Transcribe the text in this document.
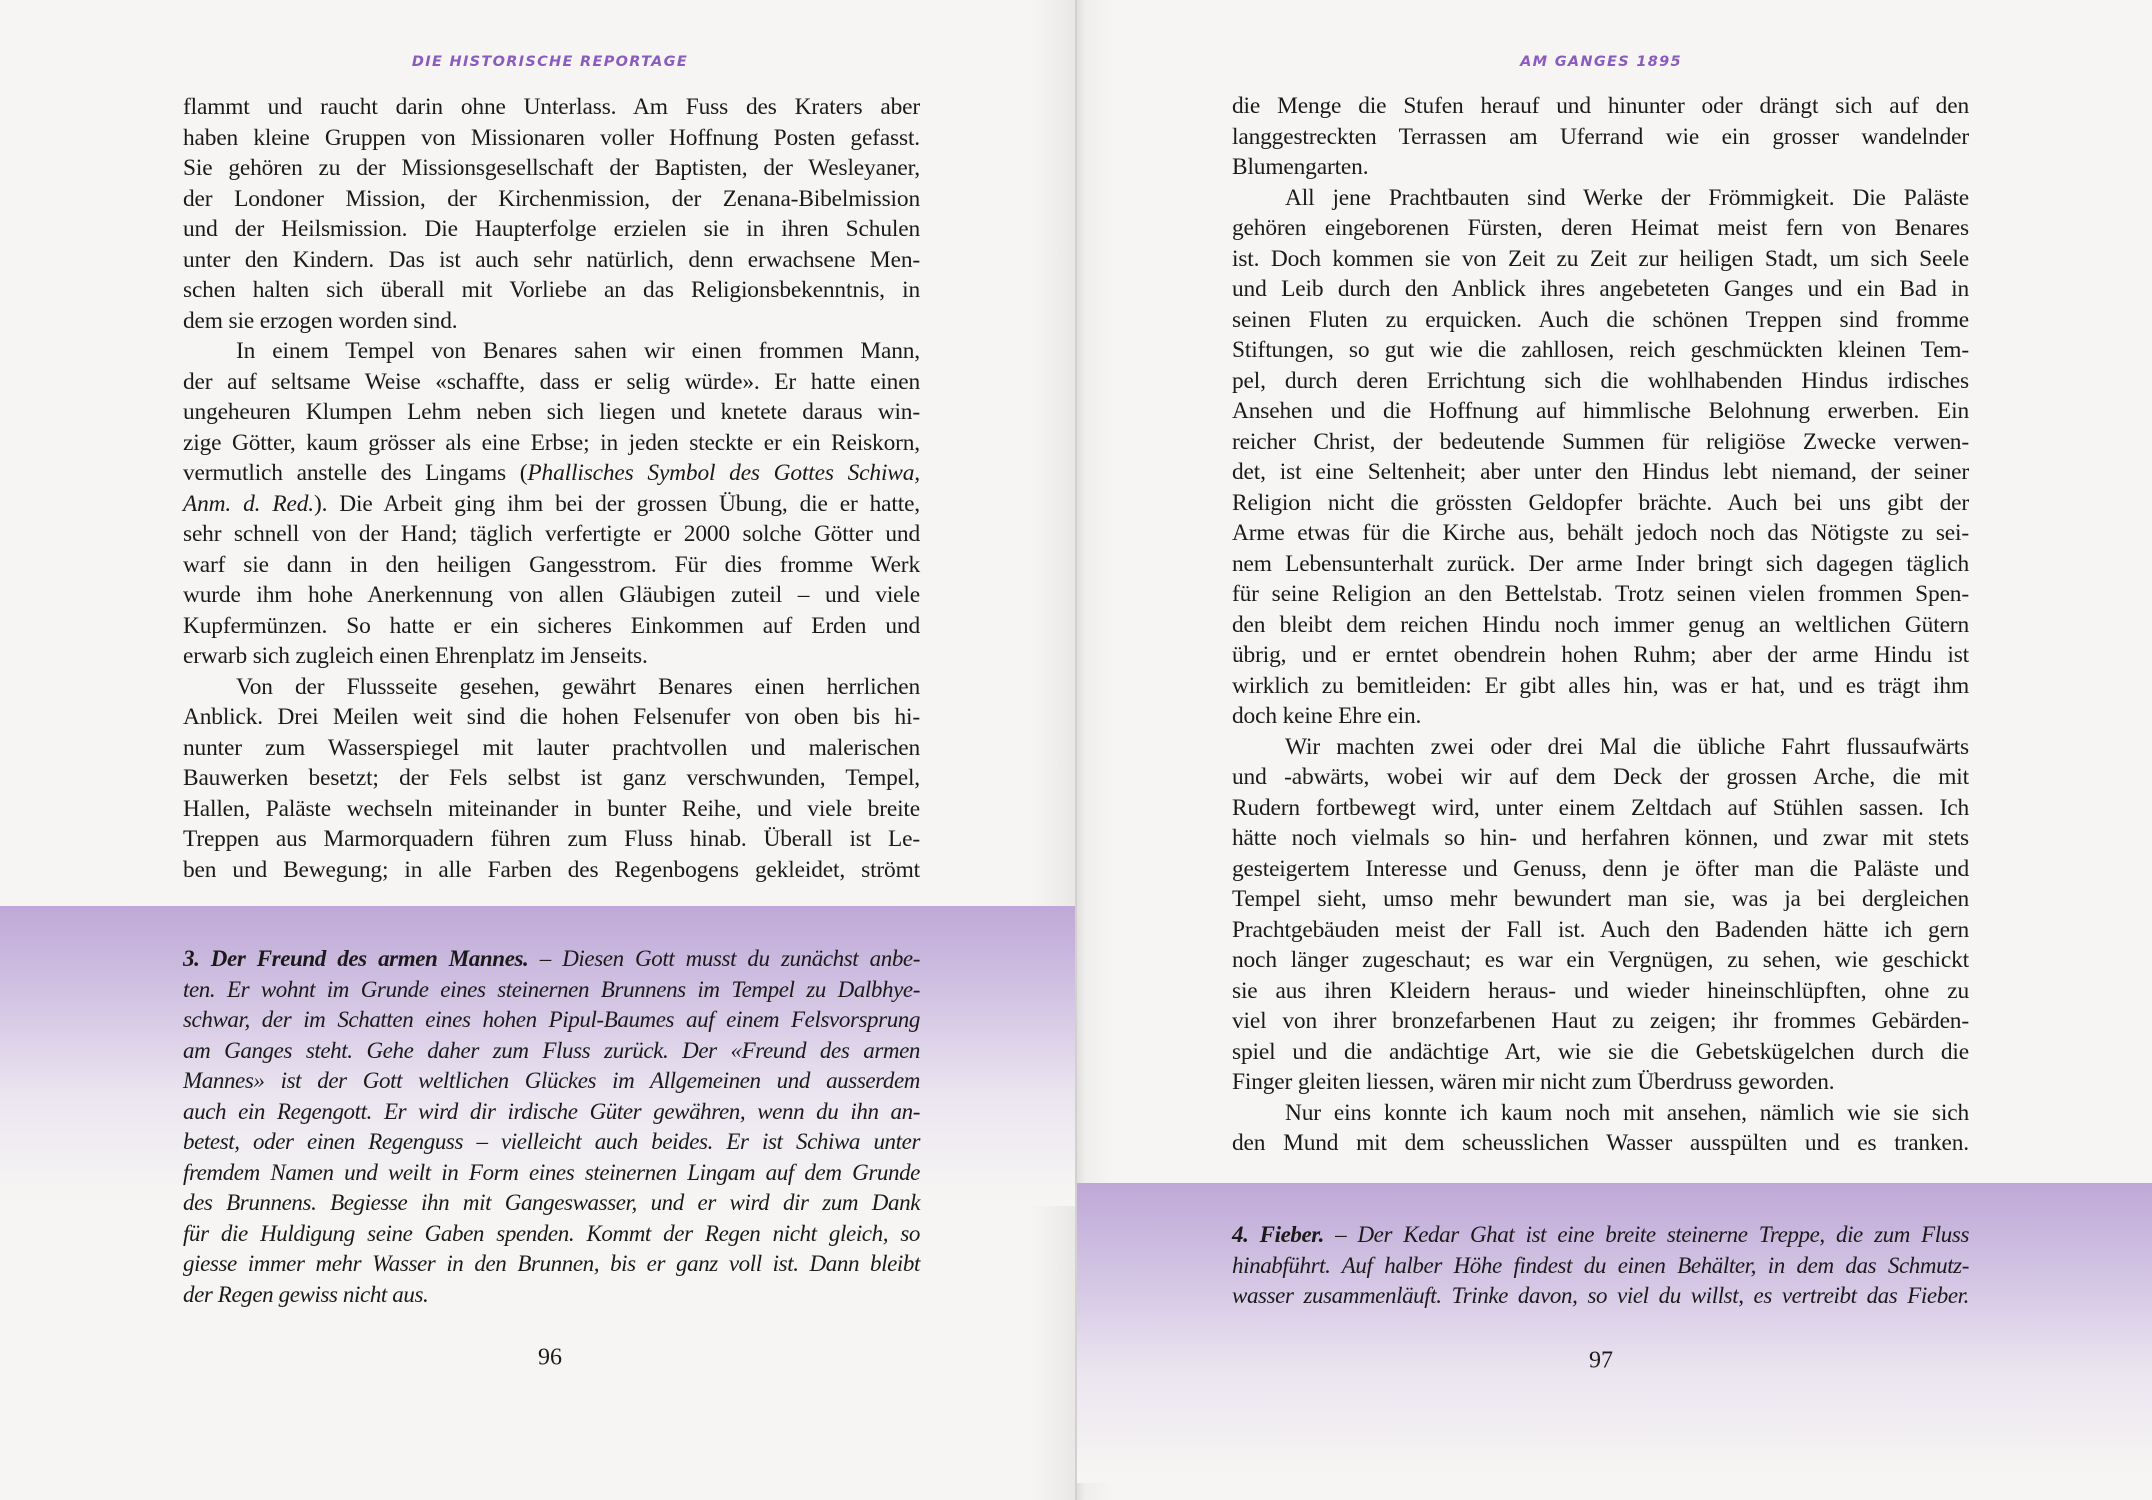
DIE HISTORISCHE REPORTAGE
flammt und raucht darin ohne Unterlass. Am Fuss des Kraters aber
haben kleine Gruppen von Missionaren voller Hoffnung Posten gefasst.
Sie gehören zu der Missionsgesellschaft der Baptisten, der Wesleyaner,
der Londoner Mission, der Kirchenmission, der Zenana-Bibelmission
und der Heilsmission. Die Haupterfolge erzielen sie in ihren Schulen
unter den Kindern. Das ist auch sehr natürlich, denn erwachsene Men-
schen halten sich überall mit Vorliebe an das Religionsbekenntnis, in
dem sie erzogen worden sind.
In einem Tempel von Benares sahen wir einen frommen Mann,
der auf seltsame Weise «schaffte, dass er selig würde». Er hatte einen
ungeheuren Klumpen Lehm neben sich liegen und knetete daraus win-
zige Götter, kaum grösser als eine Erbse; in jeden steckte er ein Reiskorn,
vermutlich anstelle des Lingams (Phallisches Symbol des Gottes Schiwa,
Anm. d. Red.). Die Arbeit ging ihm bei der grossen Übung, die er hatte,
sehr schnell von der Hand; täglich verfertigte er 2000 solche Götter und
warf sie dann in den heiligen Gangesstrom. Für dies fromme Werk
wurde ihm hohe Anerkennung von allen Gläubigen zuteil – und viele
Kupfermünzen. So hatte er ein sicheres Einkommen auf Erden und
erwarb sich zugleich einen Ehrenplatz im Jenseits.
Von der Flussseite gesehen, gewährt Benares einen herrlichen
Anblick. Drei Meilen weit sind die hohen Felsenufer von oben bis hi-
nunter zum Wasserspiegel mit lauter prachtvollen und malerischen
Bauwerken besetzt; der Fels selbst ist ganz verschwunden, Tempel,
Hallen, Paläste wechseln miteinander in bunter Reihe, und viele breite
Treppen aus Marmorquadern führen zum Fluss hinab. Überall ist Le-
ben und Bewegung; in alle Farben des Regenbogens gekleidet, strömt
3. Der Freund des armen Mannes. – Diesen Gott musst du zunächst anbe-
ten. Er wohnt im Grunde eines steinernen Brunnens im Tempel zu Dalbhye-
schwar, der im Schatten eines hohen Pipul-Baumes auf einem Felsvorsprung
am Ganges steht. Gehe daher zum Fluss zurück. Der «Freund des armen
Mannes» ist der Gott weltlichen Glückes im Allgemeinen und ausserdem
auch ein Regengott. Er wird dir irdische Güter gewähren, wenn du ihn an-
betest, oder einen Regenguss – vielleicht auch beides. Er ist Schiwa unter
fremdem Namen und weilt in Form eines steinernen Lingam auf dem Grunde
des Brunnens. Begiesse ihn mit Gangeswasser, und er wird dir zum Dank
für die Huldigung seine Gaben spenden. Kommt der Regen nicht gleich, so
giesse immer mehr Wasser in den Brunnen, bis er ganz voll ist. Dann bleibt
der Regen gewiss nicht aus.
96
AM GANGES 1895
die Menge die Stufen herauf und hinunter oder drängt sich auf den
langgestreckten Terrassen am Uferrand wie ein grosser wandelnder
Blumengarten.
All jene Prachtbauten sind Werke der Frömmigkeit. Die Paläste
gehören eingeborenen Fürsten, deren Heimat meist fern von Benares
ist. Doch kommen sie von Zeit zu Zeit zur heiligen Stadt, um sich Seele
und Leib durch den Anblick ihres angebeteten Ganges und ein Bad in
seinen Fluten zu erquicken. Auch die schönen Treppen sind fromme
Stiftungen, so gut wie die zahllosen, reich geschmückten kleinen Tem-
pel, durch deren Errichtung sich die wohlhabenden Hindus irdisches
Ansehen und die Hoffnung auf himmlische Belohnung erwerben. Ein
reicher Christ, der bedeutende Summen für religiöse Zwecke verwen-
det, ist eine Seltenheit; aber unter den Hindus lebt niemand, der seiner
Religion nicht die grössten Geldopfer brächte. Auch bei uns gibt der
Arme etwas für die Kirche aus, behält jedoch noch das Nötigste zu sei-
nem Lebensunterhalt zurück. Der arme Inder bringt sich dagegen täglich
für seine Religion an den Bettelstab. Trotz seinen vielen frommen Spen-
den bleibt dem reichen Hindu noch immer genug an weltlichen Gütern
übrig, und er erntet obendrein hohen Ruhm; aber der arme Hindu ist
wirklich zu bemitleiden: Er gibt alles hin, was er hat, und es trägt ihm
doch keine Ehre ein.
Wir machten zwei oder drei Mal die übliche Fahrt flussaufwärts
und -abwärts, wobei wir auf dem Deck der grossen Arche, die mit
Rudern fortbewegt wird, unter einem Zeltdach auf Stühlen sassen. Ich
hätte noch vielmals so hin- und herfahren können, und zwar mit stets
gesteigertem Interesse und Genuss, denn je öfter man die Paläste und
Tempel sieht, umso mehr bewundert man sie, was ja bei dergleichen
Prachtgebäuden meist der Fall ist. Auch den Badenden hätte ich gern
noch länger zugeschaut; es war ein Vergnügen, zu sehen, wie geschickt
sie aus ihren Kleidern heraus- und wieder hineinschlüpften, ohne zu
viel von ihrer bronzefarbenen Haut zu zeigen; ihr frommes Gebärden-
spiel und die andächtige Art, wie sie die Gebetskügelchen durch die
Finger gleiten liessen, wären mir nicht zum Überdruss geworden.
Nur eins konnte ich kaum noch mit ansehen, nämlich wie sie sich
den Mund mit dem scheusslichen Wasser ausspülten und es tranken.
4. Fieber. – Der Kedar Ghat ist eine breite steinerne Treppe, die zum Fluss
hinabführt. Auf halber Höhe findest du einen Behälter, in dem das Schmutz-
wasser zusammenläuft. Trinke davon, so viel du willst, es vertreibt das Fieber.
97
